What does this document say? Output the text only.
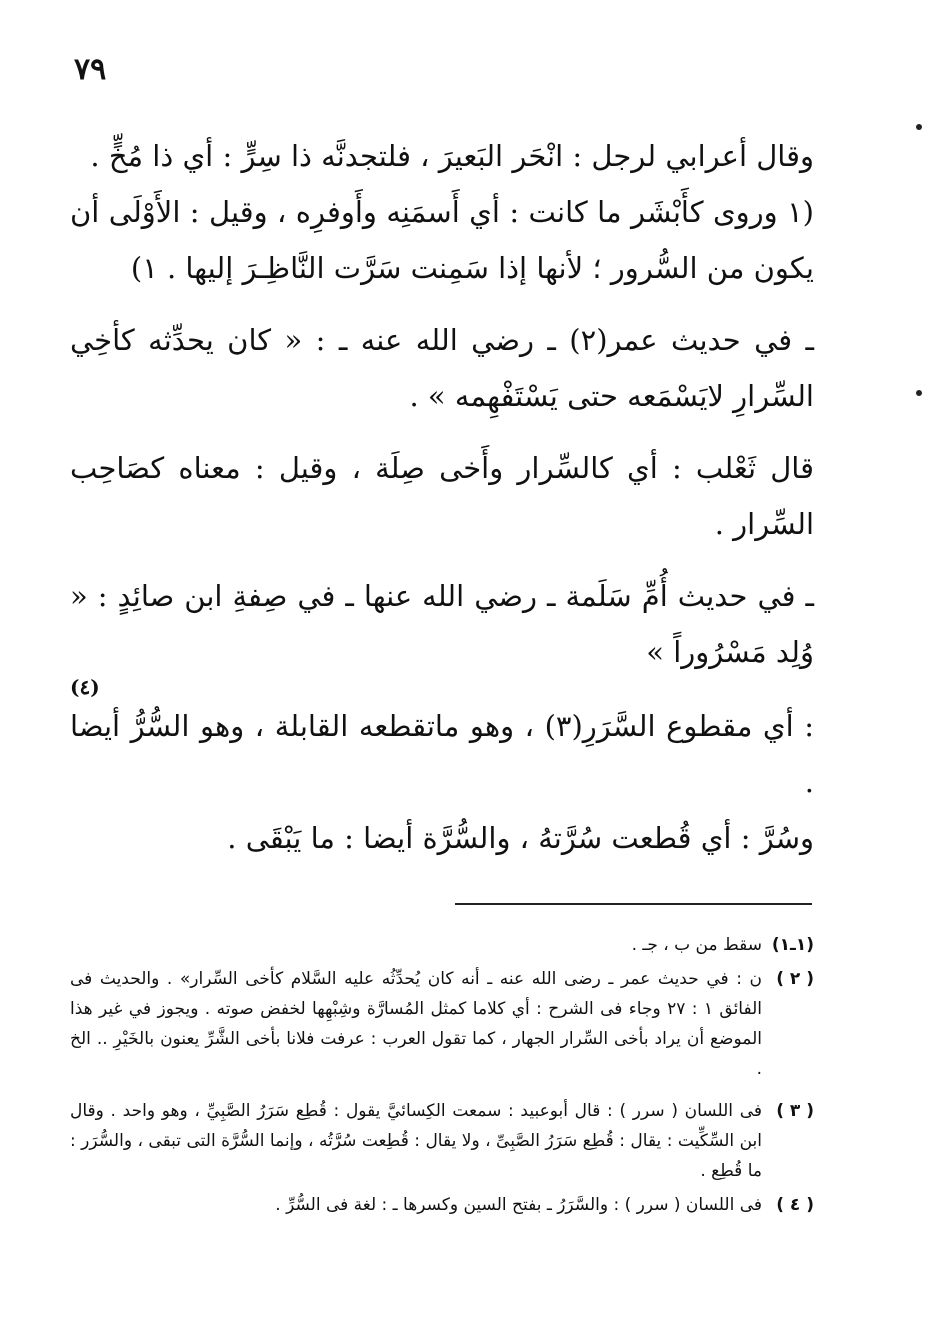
٧٩

وقال أعرابي لرجل : انْحَر البَعيرَ ، فلتجدنَّه ذا سِرٍّ : أي ذا مُخٍّ .

(١ وروى كأَبْشَر ما كانت : أي أَسمَنِه وأَوفرِه ، وقيل : الأَوْلَى أن يكون من السُّرور ؛ لأنها إذا سَمِنت سَرَّت النَّاظِـرَ إليها . ١)

ـ في حديث عمر(٢) ـ رضي الله عنه ـ : « كان يحدِّثه كأخِي السِّرارِ لايَسْمَعه حتى يَسْتَفْهِمه » .

قال ثَعْلب : أي كالسِّرار وأَخى صِلَة ، وقيل : معناه كصَاحِب السِّرار .

ـ في حديث أُمِّ سَلَمة ـ رضي الله عنها ـ في صِفةِ ابن صائِدٍ : « وُلِد مَسْرُوراً »

(٤)

: أي مقطوع السَّرَرِ(٣) ، وهو ماتقطعه القابلة ، وهو السُّرُّ أيضا .

وسُرَّ : أي قُطعت سُرَّتهُ ، والسُّرَّة أيضا : ما يَبْقَى .

(١ـ١)
سقط من ب ، جـ .
( ٢ )
ن : في حديث عمر ـ رضى الله عنه ـ أنه كان يُحدِّثُه عليه السَّلام كأخى السِّرار» . والحديث فى الفائق ١ : ٢٧ وجاء فى الشرح : أي كلاما كمثل المُسارَّة وشِبْهِها لخفض صوته . ويجوز في غير هذا الموضع أن يراد بأخى السِّرار الجهار ، كما تقول العرب : عرفت فلانا بأخى الشَّرِّ يعنون بالخَيْرِ .. الخ .
( ٣ )
فى اللسان ( سرر ) : قال أبوعبيد : سمعت الكِسائيَّ يقول : قُطِع سَرَرُ الصَّبِيِّ ، وهو واحد . وقال ابن السِّكِّيت : يقال : قُطِع سَرَرُ الصَّبِىِّ ، ولا يقال : قُطِعت سُرَّتُه ، وإنما السُّرَّة التى تبقى ، والسُّرَر : ما قُطِع .
( ٤ )
فى اللسان ( سرر ) : والسَّرَرُ ـ بفتح السين وكسرها ـ : لغة فى السُّرِّ .
